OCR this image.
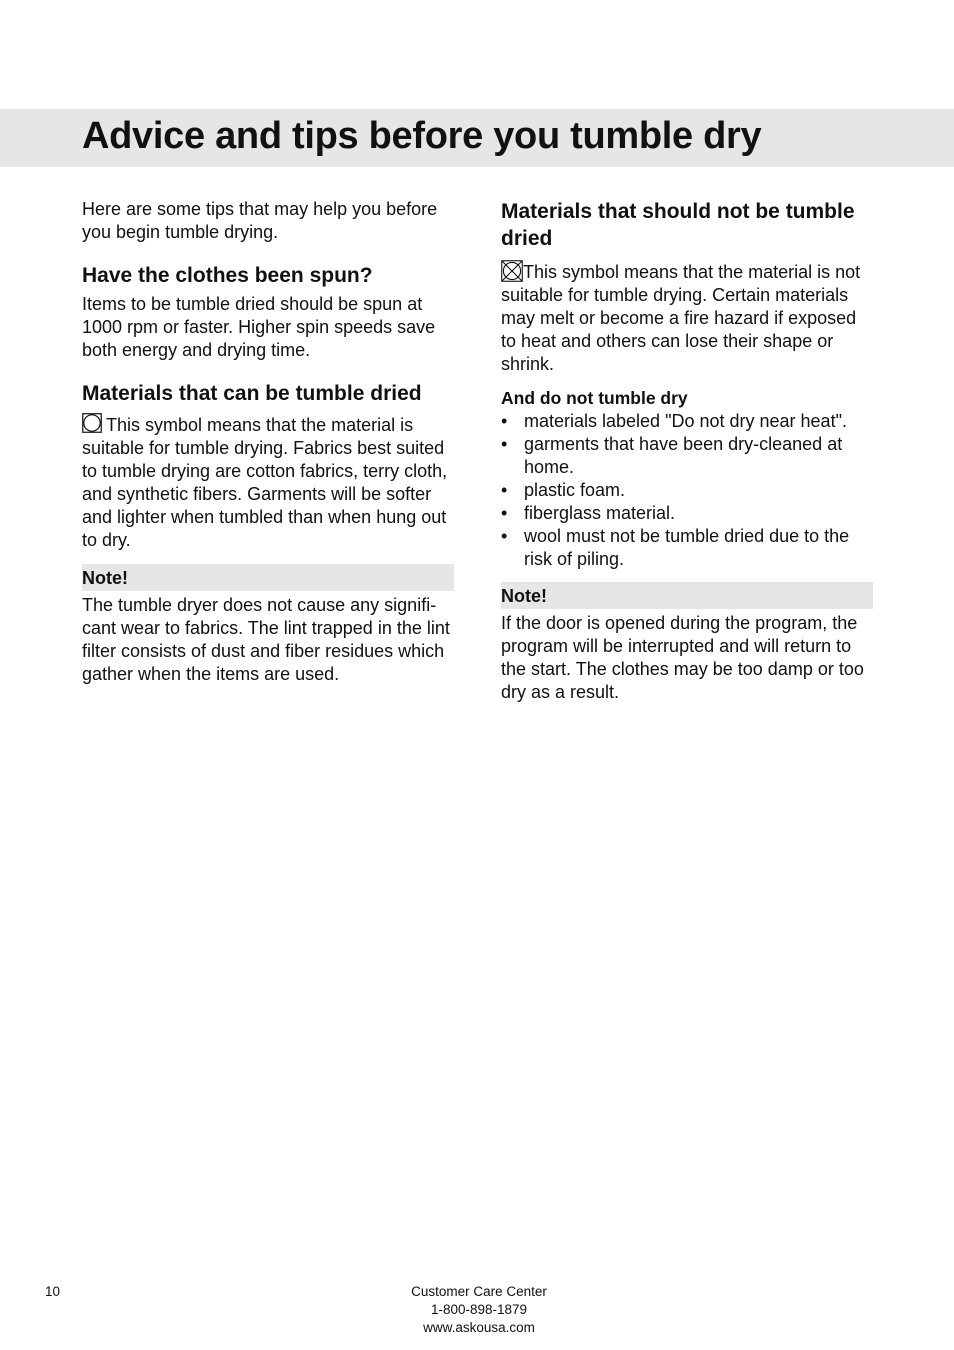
Advice and tips before you tumble dry

Here are some tips that may help you before you begin tumble drying.

Have the clothes been spun?

Items to be tumble dried should be spun at 1000 rpm or faster. Higher spin speeds save both energy and drying time.

Materials that can be tumble dried

This symbol means that the material is suitable for tumble drying. Fabrics best suited to tumble drying are cotton fabrics, terry cloth, and synthetic fibers. Garments will be softer and lighter when tumbled than when hung out to dry.

Note!

The tumble dryer does not cause any signifi-cant wear to fabrics. The lint trapped in the lint filter consists of dust and fiber residues which gather when the items are used.

Materials that should not be tumble dried

This symbol means that the material is not suitable for tumble drying. Certain materials may melt or become a fire hazard if exposed to heat and others can lose their shape or shrink.

And do not tumble dry
• materials labeled "Do not dry near heat".
• garments that have been dry-cleaned at home.
• plastic foam.
• fiberglass material.
• wool must not be tumble dried due to the risk of piling.
Note!

If the door is opened during the program, the program will be interrupted and will return to the start. The clothes may be too damp or too dry as a result.

10	Customer Care Center
1-800-898-1879
www.askousa.com
